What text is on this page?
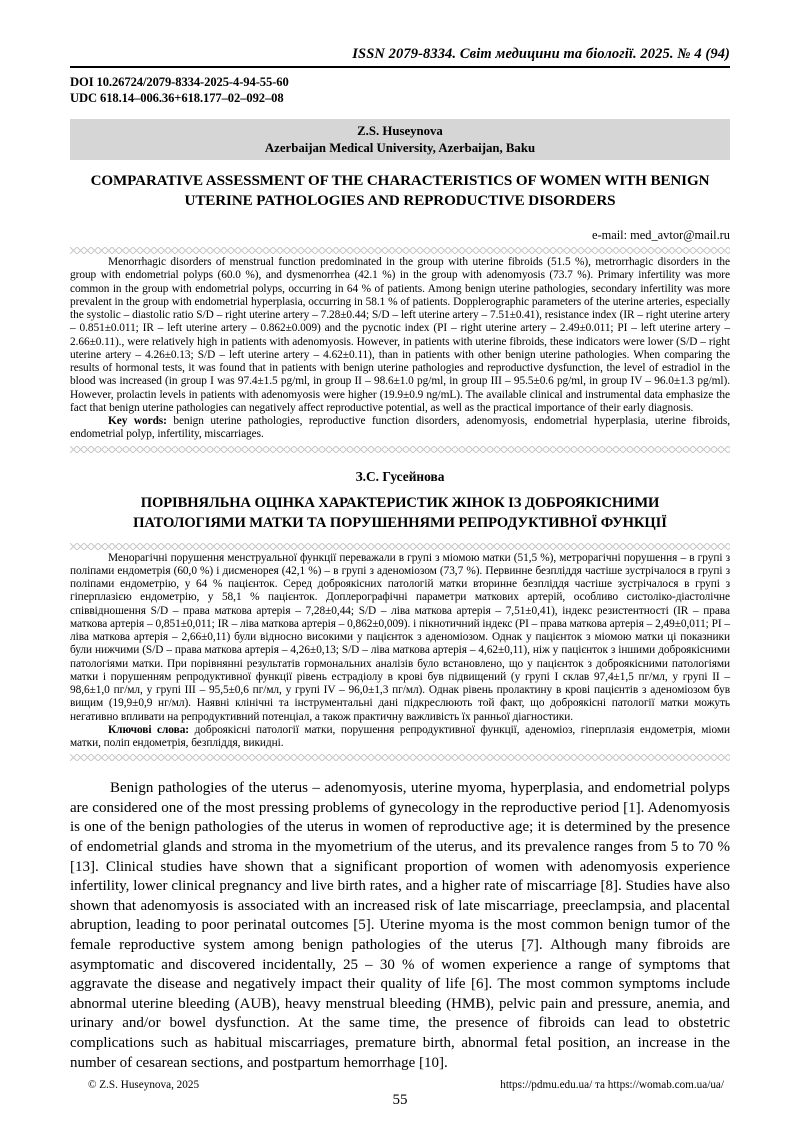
ISSN 2079-8334. Світ медицини та біології. 2025. № 4 (94)
DOI 10.26724/2079-8334-2025-4-94-55-60
UDC 618.14–006.36+618.177–02–092–08
Z.S. Huseynova
Azerbaijan Medical University, Azerbaijan, Baku
COMPARATIVE ASSESSMENT OF THE CHARACTERISTICS OF WOMEN WITH BENIGN
UTERINE PATHOLOGIES AND REPRODUCTIVE DISORDERS
e-mail: med_avtor@mail.ru

Menorrhagic disorders of menstrual function predominated in the group with uterine fibroids (51.5 %), metrorrhagic disorders in the group with endometrial polyps (60.0 %), and dysmenorrhea (42.1 %) in the group with adenomyosis (73.7 %). Primary infertility was more common in the group with endometrial polyps, occurring in 64 % of patients. Among benign uterine pathologies, secondary infertility was more prevalent in the group with endometrial hyperplasia, occurring in 58.1 % of patients. Dopplerographic parameters of the uterine arteries, especially the systolic – diastolic ratio S/D – right uterine artery – 7.28±0.44; S/D – left uterine artery – 7.51±0.41), resistance index (IR – right uterine artery – 0.851±0.011; IR – left uterine artery – 0.862±0.009) and the pycnotic index (PI – right uterine artery – 2.49±0.011; PI – left uterine artery – 2.66±0.11)., were relatively high in patients with adenomyosis. However, in patients with uterine fibroids, these indicators were lower (S/D – right uterine artery – 4.26±0.13; S/D – left uterine artery – 4.62±0.11), than in patients with other benign uterine pathologies. When comparing the results of hormonal tests, it was found that in patients with benign uterine pathologies and reproductive dysfunction, the level of estradiol in the blood was increased (in group I was 97.4±1.5 pg/ml, in group II – 98.6±1.0 pg/ml, in group III – 95.5±0.6 pg/ml, in group IV – 96.0±1.3 pg/ml). However, prolactin levels in patients with adenomyosis were higher (19.9±0.9 ng/mL). The available clinical and instrumental data emphasize the fact that benign uterine pathologies can negatively affect reproductive potential, as well as the practical importance of their early diagnosis.

Key words: benign uterine pathologies, reproductive function disorders, adenomyosis, endometrial hyperplasia, uterine fibroids, endometrial polyp, infertility, miscarriages.

З.С. Гусейнова
ПОРІВНЯЛЬНА ОЦІНКА ХАРАКТЕРИСТИК ЖІНОК ІЗ ДОБРОЯКІСНИМИ
ПАТОЛОГІЯМИ МАТКИ ТА ПОРУШЕННЯМИ РЕПРОДУКТИВНОЇ ФУНКЦІЇ

Менорагічні порушення менструальної функції переважали в групі з міомою матки (51,5 %), метрорагічні порушення – в групі з поліпами ендометрія (60,0 %) і дисменорея (42,1 %) – в групі з аденоміозом (73,7 %). Первинне безпліддя частіше зустрічалося в групі з поліпами ендометрію, у 64 % пацієнток. Серед доброякісних патологій матки вторинне безпліддя частіше зустрічалося в групі з гіперплазією ендометрію, у 58,1 % пацієнток. Доплерографічні параметри маткових артерій, особливо систоліко-діастолічне співвідношення S/D – права маткова артерія – 7,28±0,44; S/D – ліва маткова артерія – 7,51±0,41), індекс резистентності (IR – права маткова артерія – 0,851±0,011; IR – ліва маткова артерія – 0,862±0,009). і пікнотичний індекс (PI – права маткова артерія – 2,49±0,011; PI – ліва маткова артерія – 2,66±0,11) були відносно високими у пацієнток з аденоміозом. Однак у пацієнток з міомою матки ці показники були нижчими (S/D – права маткова артерія – 4,26±0,13; S/D – ліва маткова артерія – 4,62±0,11), ніж у пацієнток з іншими доброякісними патологіями матки. При порівнянні результатів гормональних аналізів було встановлено, що у пацієнток з доброякісними патологіями матки і порушенням репродуктивної функції рівень естрадіолу в крові був підвищений (у групі I склав 97,4±1,5 пг/мл, у групі II – 98,6±1,0 пг/мл, у групі III – 95,5±0,6 пг/мл, у групі IV – 96,0±1,3 пг/мл). Однак рівень пролактину в крові пацієнтів з аденоміозом був вищим (19,9±0,9 нг/мл). Наявні клінічні та інструментальні дані підкреслюють той факт, що доброякісні патології матки можуть негативно впливати на репродуктивний потенціал, а також практичну важливість їх ранньої діагностики.

Ключові слова: доброякісні патології матки, порушення репродуктивної функції, аденоміоз, гіперплазія ендометрія, міоми матки, поліп ендометрія, безпліддя, викидні.

Benign pathologies of the uterus – adenomyosis, uterine myoma, hyperplasia, and endometrial polyps are considered one of the most pressing problems of gynecology in the reproductive period [1]. Adenomyosis is one of the benign pathologies of the uterus in women of reproductive age; it is determined by the presence of endometrial glands and stroma in the myometrium of the uterus, and its prevalence ranges from 5 to 70 % [13]. Clinical studies have shown that a significant proportion of women with adenomyosis experience infertility, lower clinical pregnancy and live birth rates, and a higher rate of miscarriage [8]. Studies have also shown that adenomyosis is associated with an increased risk of late miscarriage, preeclampsia, and placental abruption, leading to poor perinatal outcomes [5]. Uterine myoma is the most common benign tumor of the female reproductive system among benign pathologies of the uterus [7]. Although many fibroids are asymptomatic and discovered incidentally, 25 – 30 % of women experience a range of symptoms that aggravate the disease and negatively impact their quality of life [6]. The most common symptoms include abnormal uterine bleeding (AUB), heavy menstrual bleeding (HMB), pelvic pain and pressure, anemia, and urinary and/or bowel dysfunction. At the same time, the presence of fibroids can lead to obstetric complications such as habitual miscarriages, premature birth, abnormal fetal position, an increase in the number of cesarean sections, and postpartum hemorrhage [10].

© Z.S. Huseynova, 2025	https://pdmu.edu.ua/ та https://womab.com.ua/ua/
55
